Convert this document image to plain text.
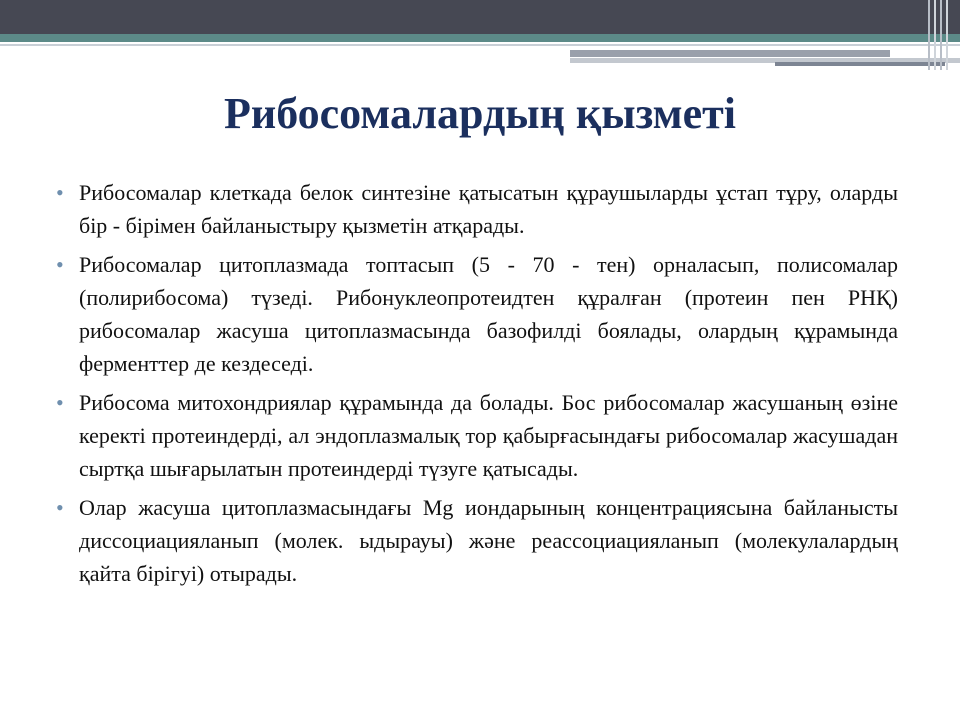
Рибосомалардың қызметі
• Рибосомалар клеткада белок синтезіне қатысатын құраушыларды ұстап тұру, оларды бір - бірімен байланыстыру қызметін атқарады.
• Рибосомалар цитоплазмада топтасып (5 - 70 - тен) орналасып, полисомалар (полирибосома) түзеді. Рибонуклеопротеидтен құралған (протеин пен РНҚ) рибосомалар жасуша цитоплазмасында базофилді боялады, олардың құрамында ферменттер де кездеседі.
• Рибосома митохондриялар құрамында да болады. Бос рибосомалар жасушаның өзіне керекті протеиндерді, ал эндоплазмалық тор қабырғасындағы рибосомалар жасушадан сыртқа шығарылатын протеиндерді түзуге қатысады.
• Олар жасуша цитоплазмасындағы Mg иондарының концентрациясына байланысты диссоциацияланып (молек. ыдырауы) және реассоциацияланып (молекулалардың қайта бірігуі) отырады.
